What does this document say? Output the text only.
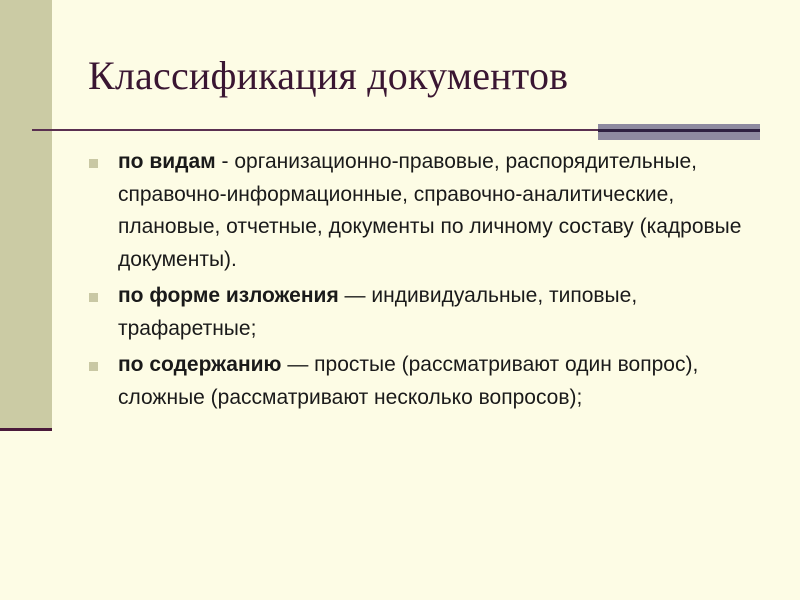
Классификация документов
по видам - организационно-правовые, распорядительные, справочно-информационные, справочно-аналитические, плановые, отчетные, документы по личному составу (кадровые документы).
по форме изложения — индивидуальные, типовые, трафаретные;
по содержанию — простые (рассматривают один вопрос), сложные (рассматривают несколько вопросов);
